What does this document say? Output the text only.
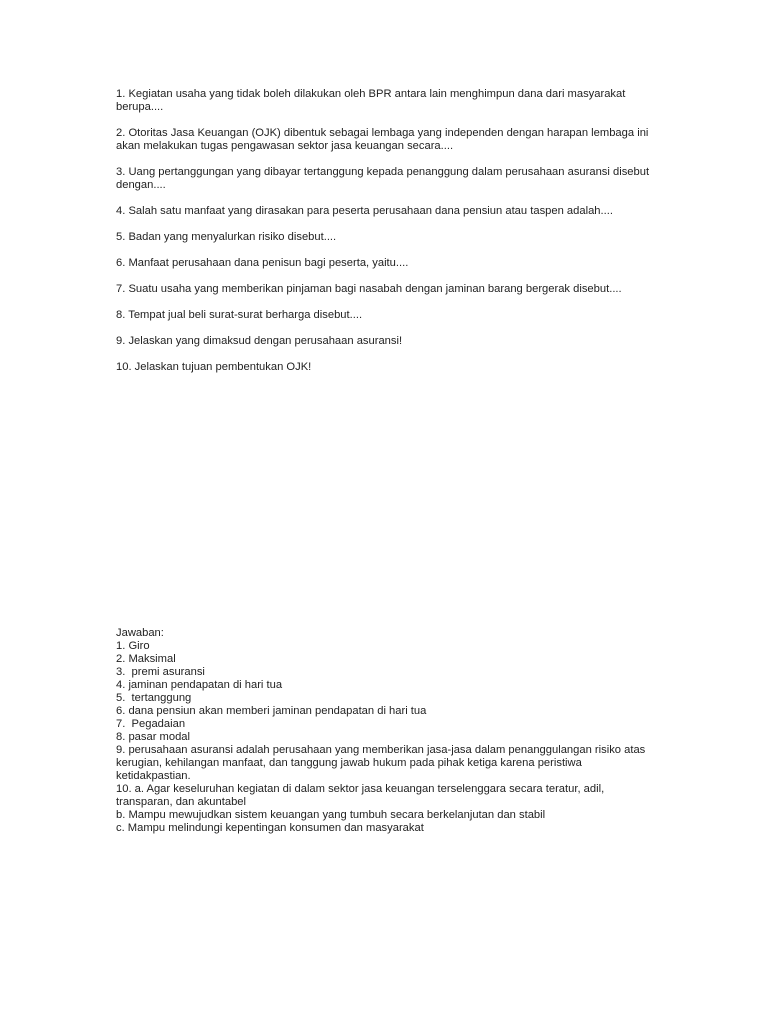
1. Kegiatan usaha yang tidak boleh dilakukan oleh BPR antara lain menghimpun dana dari masyarakat berupa....

2. Otoritas Jasa Keuangan (OJK) dibentuk sebagai lembaga yang independen dengan harapan lembaga ini akan melakukan tugas pengawasan sektor jasa keuangan secara....

3. Uang pertanggungan yang dibayar tertanggung kepada penanggung dalam perusahaan asuransi disebut dengan....

4. Salah satu manfaat yang dirasakan para peserta perusahaan dana pensiun atau taspen adalah....

5. Badan yang menyalurkan risiko disebut....

6. Manfaat perusahaan dana penisun bagi peserta, yaitu....

7. Suatu usaha yang memberikan pinjaman bagi nasabah dengan jaminan barang bergerak disebut....

8. Tempat jual beli surat-surat berharga disebut....

9. Jelaskan yang dimaksud dengan perusahaan asuransi!

10. Jelaskan tujuan pembentukan OJK!

Jawaban:

1. Giro

2. Maksimal

3.  premi asuransi

4. jaminan pendapatan di hari tua

5.  tertanggung

6. dana pensiun akan memberi jaminan pendapatan di hari tua

7.  Pegadaian

8. pasar modal

9. perusahaan asuransi adalah perusahaan yang memberikan jasa-jasa dalam penanggulangan risiko atas kerugian, kehilangan manfaat, dan tanggung jawab hukum pada pihak ketiga karena peristiwa ketidakpastian.

10. a. Agar keseluruhan kegiatan di dalam sektor jasa keuangan terselenggara secara teratur, adil, transparan, dan akuntabel

b. Mampu mewujudkan sistem keuangan yang tumbuh secara berkelanjutan dan stabil

c. Mampu melindungi kepentingan konsumen dan masyarakat
